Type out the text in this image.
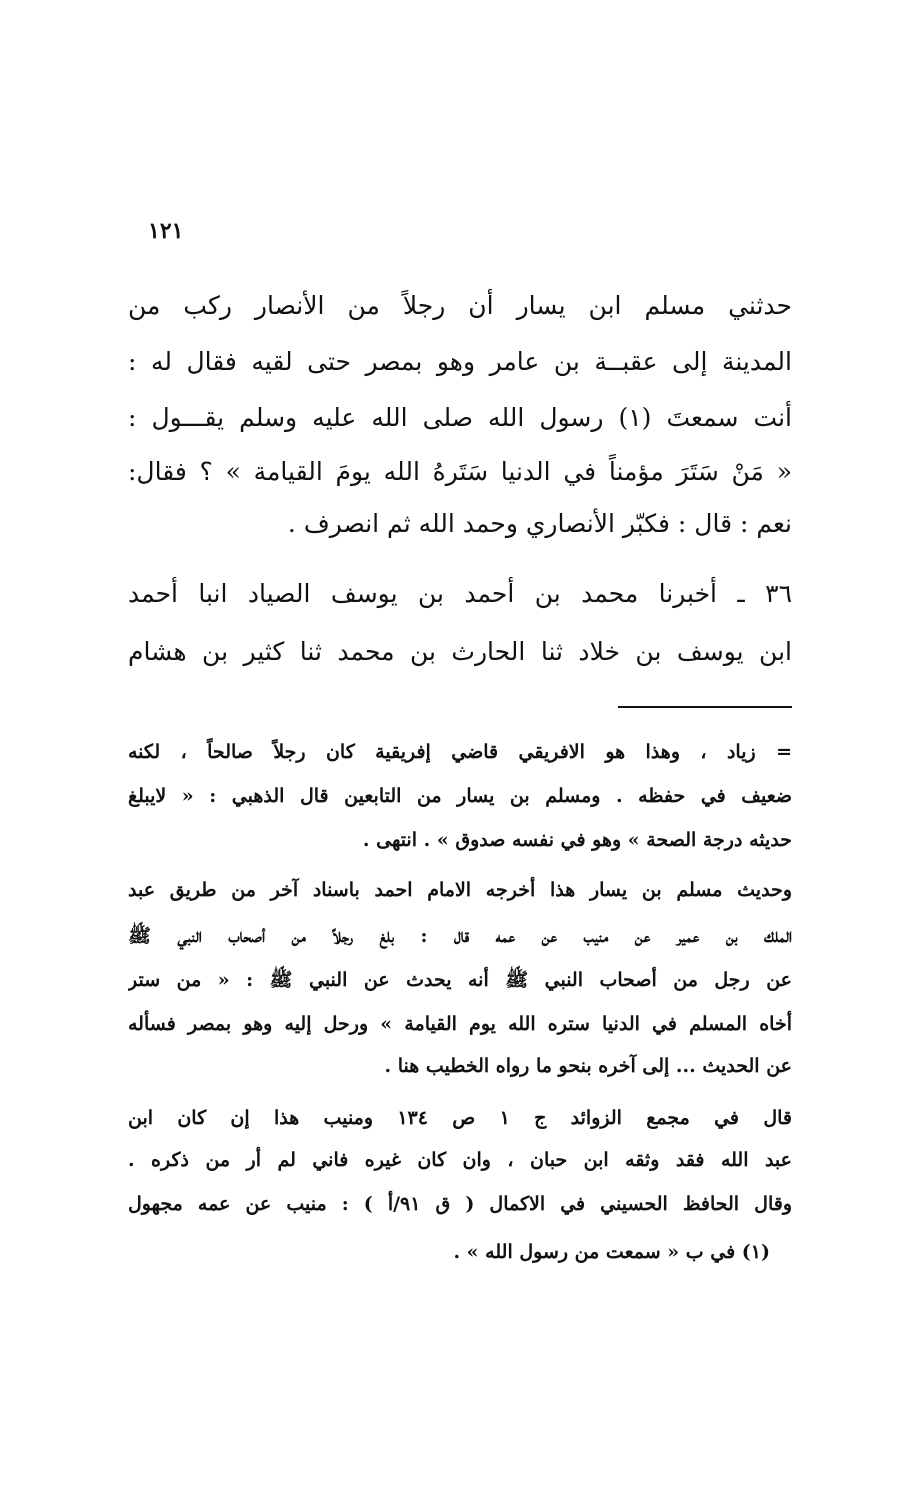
١٢١
حدثني مسلم ابن يسار أن رجلاً من الأنصار ركب من
المدينة إلى عقبــة بن عامر وهو بمصر حتى لقيه فقال له :
أنت سمعتَ (١) رسول الله صلى الله عليه وسلم يقـــول :
« مَنْ سَتَرَ مؤمناً في الدنيا سَتَرهُ الله يومَ القيامة » ؟ فقال:
نعم : قال : فكبّر الأنصاري وحمد الله ثم انصرف .
٣٦ ـ أخبرنا محمد بن أحمد بن يوسف الصياد انبا أحمد
ابن يوسف بن خلاد ثنا الحارث بن محمد ثنا كثير بن هشام
= زياد ، وهذا هو الافريقي قاضي إفريقية كان رجلاً صالحاً ، لكنه
ضعيف في حفظه . ومسلم بن يسار من التابعين قال الذهبي : « لايبلغ
حديثه درجة الصحة » وهو في نفسه صدوق » . انتهى .
وحديث مسلم بن يسار هذا أخرجه الامام احمد باسناد آخر من طريق عبد
الملك بن عمير عن منيب عن عمه قال : بلغ رجلاً من أصحاب النبي ﷺ
عن رجل من أصحاب النبي ﷺ أنه يحدث عن النبي ﷺ : « من ستر
أخاه المسلم في الدنيا ستره الله يوم القيامة » ورحل إليه وهو بمصر فسأله
عن الحديث ... إلى آخره بنحو ما رواه الخطيب هنا .
قال في مجمع الزوائد ج ١ ص ١٣٤ ومنيب هذا إن كان ابن
عبد الله فقد وثقه ابن حبان ، وان كان غيره فاني لم أر من ذكره .
وقال الحافظ الحسيني في الاكمال ( ق ٩١/أ ) : منيب عن عمه مجهول
(١) في ب « سمعت من رسول الله » .
